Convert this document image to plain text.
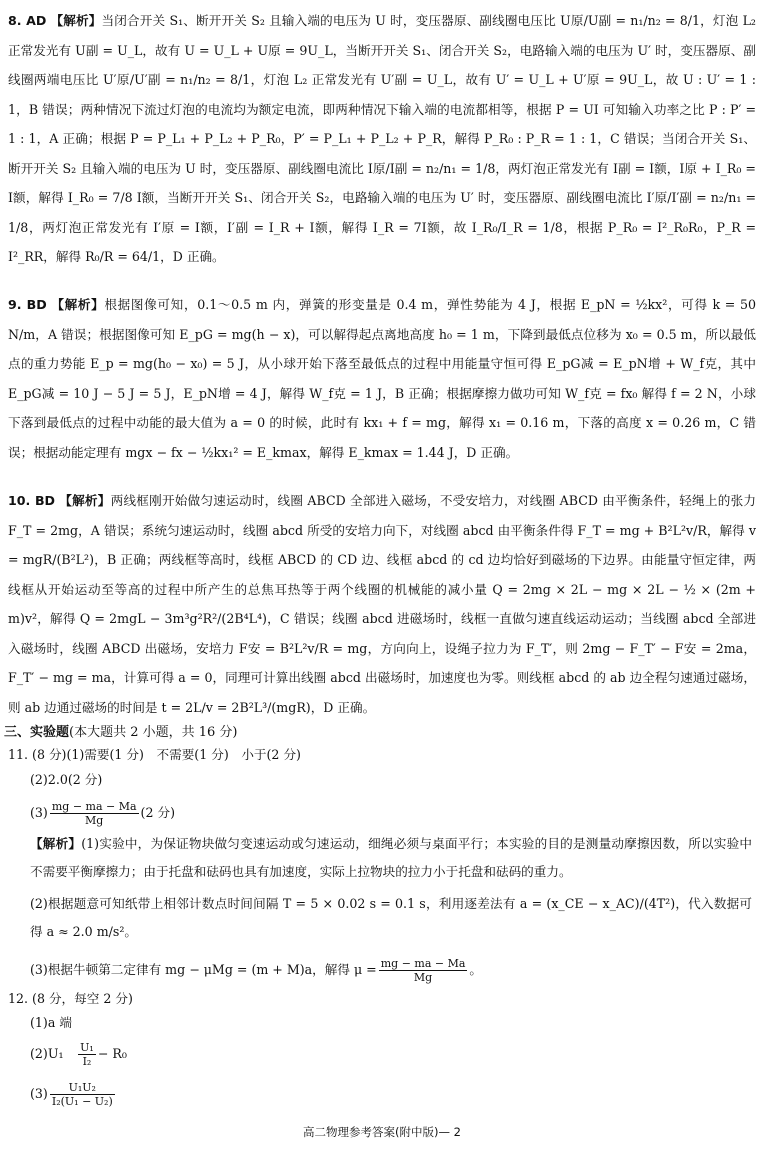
8. AD 【解析】当闭合开关 S₁、断开开关 S₂ 且输入端的电压为 U 时，变压器原、副线圈电压比 U原/U副 = n₁/n₂ = 8/1，灯泡 L₂ 正常发光有 U副 = U_L，故有 U = U_L + U原 = 9U_L，当断开开关 S₁、闭合开关 S₂，电路输入端的电压为 U′ 时，变压器原、副线圈两端电压比 U′原/U′副 = n₁/n₂ = 8/1，灯泡 L₂ 正常发光有 U′副 = U_L，故有 U′ = U_L + U′原 = 9U_L，故 U : U′ = 1 : 1，B 错误；两种情况下流过灯泡的电流均为额定电流，即两种情况下输入端的电流都相等，根据 P = UI 可知输入功率之比 P : P′ = 1 : 1，A 正确；根据 P = P_L₁ + P_L₂ + P_R₀，P′ = P_L₁ + P_L₂ + P_R，解得 P_R₀ : P_R = 1 : 1，C 错误；当闭合开关 S₁、断开开关 S₂ 且输入端的电压为 U 时，变压器原、副线圈电流比 I原/I副 = n₂/n₁ = 1/8，两灯泡正常发光有 I副 = I额，I原 + I_R₀ = I额，解得 I_R₀ = 7/8 I额，当断开开关 S₁、闭合开关 S₂，电路输入端的电压为 U′ 时，变压器原、副线圈电流比 I′原/I′副 = n₂/n₁ = 1/8，两灯泡正常发光有 I′原 = I额，I′副 = I_R + I额，解得 I_R = 7I额，故 I_R₀/I_R = 1/8，根据 P_R₀ = I²_R₀R₀，P_R = I²_RR，解得 R₀/R = 64/1，D 正确。
9. BD 【解析】根据图像可知，0.1～0.5 m 内，弹簧的形变量是 0.4 m，弹性势能为 4 J，根据 E_pN = ½kx²，可得 k = 50 N/m，A 错误；根据图像可知 E_pG = mg(h − x)，可以解得起点离地高度 h₀ = 1 m，下降到最低点位移为 x₀ = 0.5 m，所以最低点的重力势能 E_p = mg(h₀ − x₀) = 5 J，从小球开始下落至最低点的过程中用能量守恒可得 E_pG减 = E_pN增 + W_f克，其中 E_pG减 = 10 J − 5 J = 5 J，E_pN增 = 4 J，解得 W_f克 = 1 J，B 正确；根据摩擦力做功可知 W_f克 = fx₀ 解得 f = 2 N，小球下落到最低点的过程中动能的最大值为 a = 0 的时候，此时有 kx₁ + f = mg，解得 x₁ = 0.16 m，下落的高度 x = 0.26 m，C 错误；根据动能定理有 mgx − fx − ½kx₁² = E_kmax，解得 E_kmax = 1.44 J，D 正确。
10. BD 【解析】两线框刚开始做匀速运动时，线圈 ABCD 全部进入磁场，不受安培力，对线圈 ABCD 由平衡条件，轻绳上的张力 F_T = 2mg，A 错误；系统匀速运动时，线圈 abcd 所受的安培力向下，对线圈 abcd 由平衡条件得 F_T = mg + B²L²v/R，解得 v = mgR/(B²L²)，B 正确；两线框等高时，线框 ABCD 的 CD 边、线框 abcd 的 cd 边均恰好到磁场的下边界。由能量守恒定律，两线框从开始运动至等高的过程中所产生的总焦耳热等于两个线圈的机械能的减小量 Q = 2mg × 2L − mg × 2L − ½ × (2m + m)v²，解得 Q = 2mgL − 3m³g²R²/(2B⁴L⁴)，C 错误；线圈 abcd 进磁场时，线框一直做匀速直线运动运动；当线圈 abcd 全部进入磁场时，线圈 ABCD 出磁场，安培力 F安 = B²L²v/R = mg，方向向上，设绳子拉力为 F_T′，则 2mg − F_T′ − F安 = 2ma，F_T′ − mg = ma，计算可得 a = 0，同理可计算出线圈 abcd 出磁场时，加速度也为零。则线框 abcd 的 ab 边全程匀速通过磁场，则 ab 边通过磁场的时间是 t = 2L/v = 2B²L³/(mgR)，D 正确。
三、实验题(本大题共 2 小题，共 16 分)
11. (8 分)(1)需要(1 分)　不需要(1 分)　小于(2 分)
(2)2.0(2 分)
$(3) \frac{mg - ma - Ma}{Mg} (2$ 分)
【解析】(1)实验中，为保证物块做匀变速运动或匀速运动，细绳必须与桌面平行；本实验的目的是测量动摩擦因数，所以实验中不需要平衡摩擦力；由于托盘和砝码也具有加速度，实际上拉物块的拉力小于托盘和砝码的重力。
(2)根据题意可知纸带上相邻计数点时间间隔 T = 5 × 0.02 s = 0.1 s，利用逐差法有 a = (x_CE − x_AC)/(4T²)，代入数据可得 a ≈ 2.0 m/s²。
(3)根据牛顿第二定律有 mg − μMg = (m + M)a，解得 $\mu = \frac{mg - ma - Ma}{Mg}$ 。
12. (8 分，每空 2 分)
(1)a 端
(2)U₁　 $\frac{\text{U₁}}{\text{I₂}} - R_0$
$(3) \frac{\text{U₁U₂}}{\text{I₂(U₁ − U₂)}}$
高二物理参考答案(附中版)— 2
